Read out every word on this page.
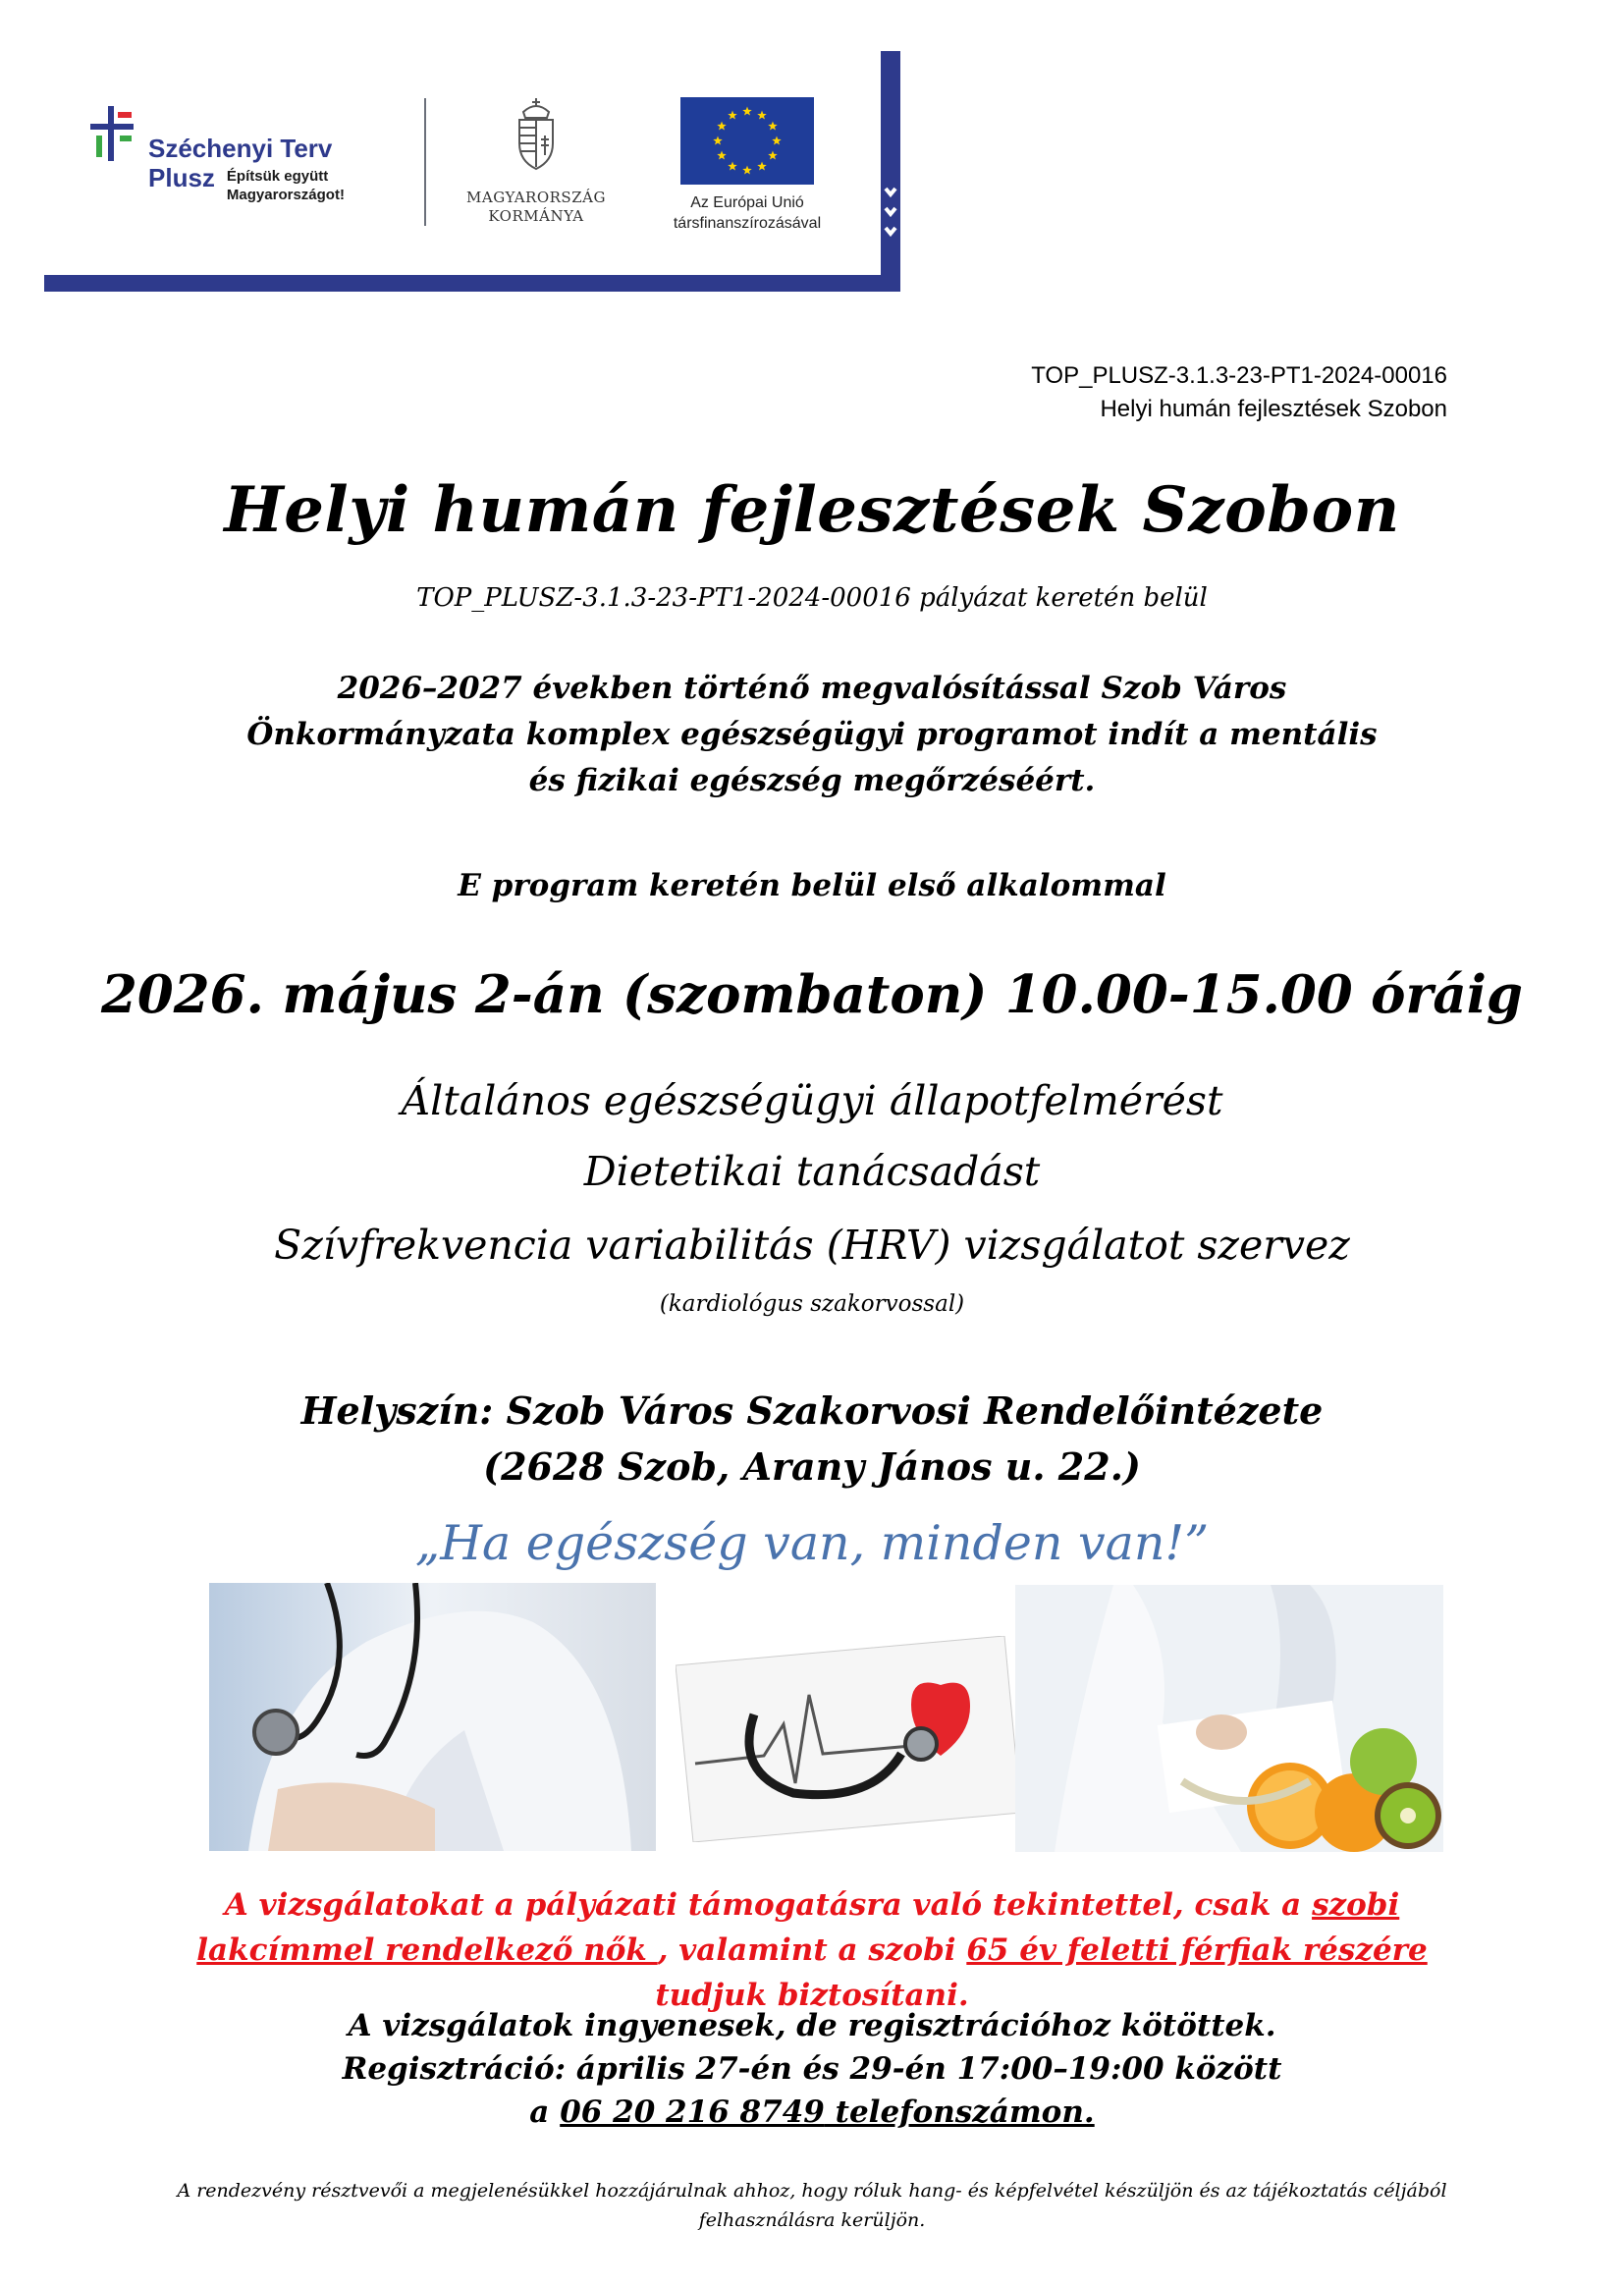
Széchenyi Terv
Plusz Építsük együtt
Magyarországot!	MAGYARORSZÁG
KORMÁNYA
Az Európai Unió
társfinanszírozásával
TOP_PLUSZ-3.1.3-23-PT1-2024-00016
Helyi humán fejlesztések Szobon
Helyi humán fejlesztések Szobon
TOP_PLUSZ-3.1.3-23-PT1-2024-00016 pályázat keretén belül
2026–2027 években történő megvalósítással Szob Város Önkormányzata komplex egészségügyi programot indít a mentális és fizikai egészség megőrzéséért.
E program keretén belül első alkalommal
2026. május 2-án (szombaton) 10.00-15.00 óráig
Általános egészségügyi állapotfelmérést
Dietetikai tanácsadást
Szívfrekvencia variabilitás (HRV) vizsgálatot szervez
(kardiológus szakorvossal)
Helyszín: Szob Város Szakorvosi Rendelőintézete
(2628 Szob, Arany János u. 22.)
„Ha egészség van, minden van!”
A vizsgálatokat a pályázati támogatásra való tekintettel, csak a szobi lakcímmel rendelkező nők , valamint a szobi 65 év feletti férfiak részére tudjuk biztosítani.
A vizsgálatok ingyenesek, de regisztrációhoz kötöttek.
Regisztráció: április 27-én és 29-én 17:00–19:00 között
a 06 20 216 8749 telefonszámon.
A rendezvény résztvevői a megjelenésükkel hozzájárulnak ahhoz, hogy róluk hang- és képfelvétel készüljön és az tájékoztatás céljából felhasználásra kerüljön.
